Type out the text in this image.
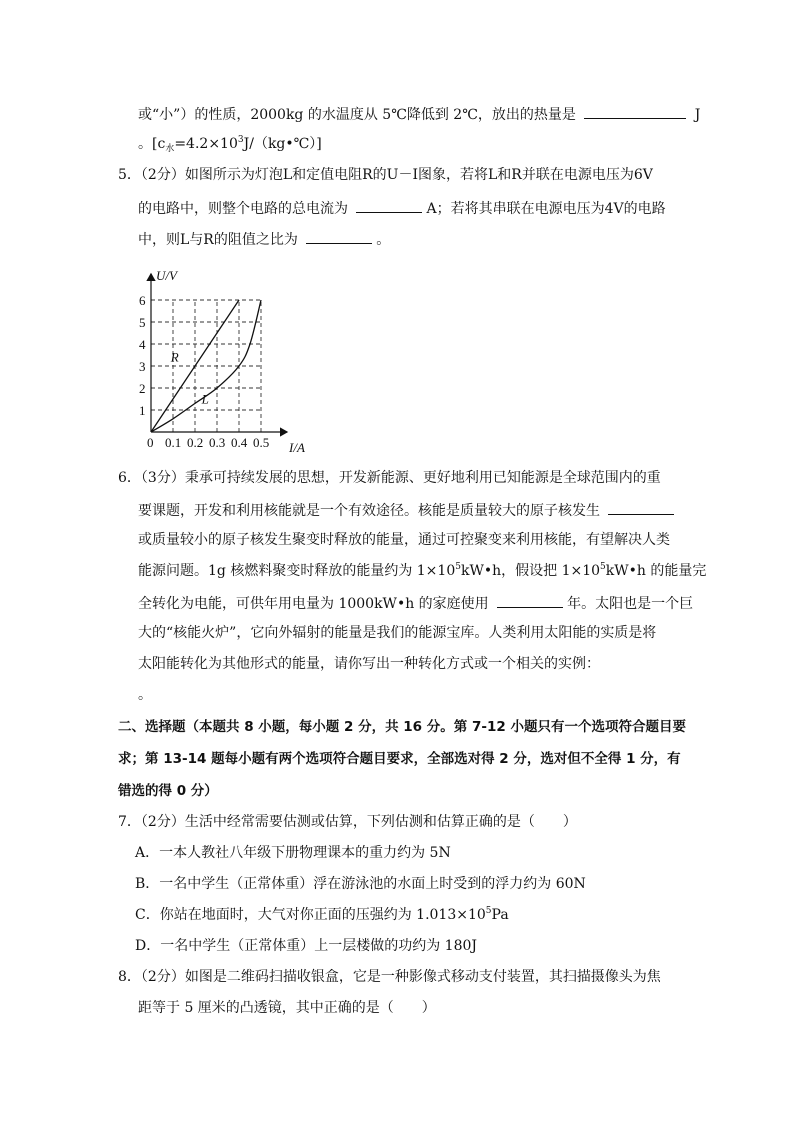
或“小”）的性质，2000kg 的水温度从 5℃降低到 2℃，放出的热量是	J
。$[c_水=4.2\times 10^3J/(kg•℃)]$
5．（2分）如图所示为灯泡L和定值电阻R的U－I图象，若将L和R并联在电源电压为6V
的电路中，则整个电路的总电流为	A；若将其串联在电源电压为4V的电路
中，则L与R的阻值之比为	。
0 0.1 0.2 0.3 0.4 0.5
1
2
3
4
5
6
R
L
U/V
I/A
6．（3分）秉承可持续发展的思想，开发新能源、更好地利用已知能源是全球范围内的重
要课题，开发和利用核能就是一个有效途径。核能是质量较大的原子核发生
或质量较小的原子核发生聚变时释放的能量，通过可控聚变来利用核能，有望解决人类
能源问题。1g 核燃料聚变时释放的能量约为 $1\times 10^5kW•h$，假设把 $1\times 10^5kW•h$ 的能量完
全转化为电能，可供年用电量为 1000kW•h 的家庭使用	年。太阳也是一个巨
大的“核能火炉”，它向外辐射的能量是我们的能源宝库。人类利用太阳能的实质是将
太阳能转化为其他形式的能量，请你写出一种转化方式或一个相关的实例：
。
二、选择题（本题共 8 小题，每小题 2 分，共 16 分。第 7-12 小题只有一个选项符合题目要
求；第 13-14 题每小题有两个选项符合题目要求，全部选对得 2 分，选对但不全得 1 分，有
错选的得 0 分）
7．（2分）生活中经常需要估测或估算，下列估测和估算正确的是（　　）
A．一本人教社八年级下册物理课本的重力约为 5N
B．一名中学生（正常体重）浮在游泳池的水面上时受到的浮力约为 60N
C．你站在地面时，大气对你正面的压强约为 $1.013\times 10^5Pa$
D．一名中学生（正常体重）上一层楼做的功约为 180J
8．（2分）如图是二维码扫描收银盒，它是一种影像式移动支付装置，其扫描摄像头为焦
距等于 5 厘米的凸透镜，其中正确的是（　　）
